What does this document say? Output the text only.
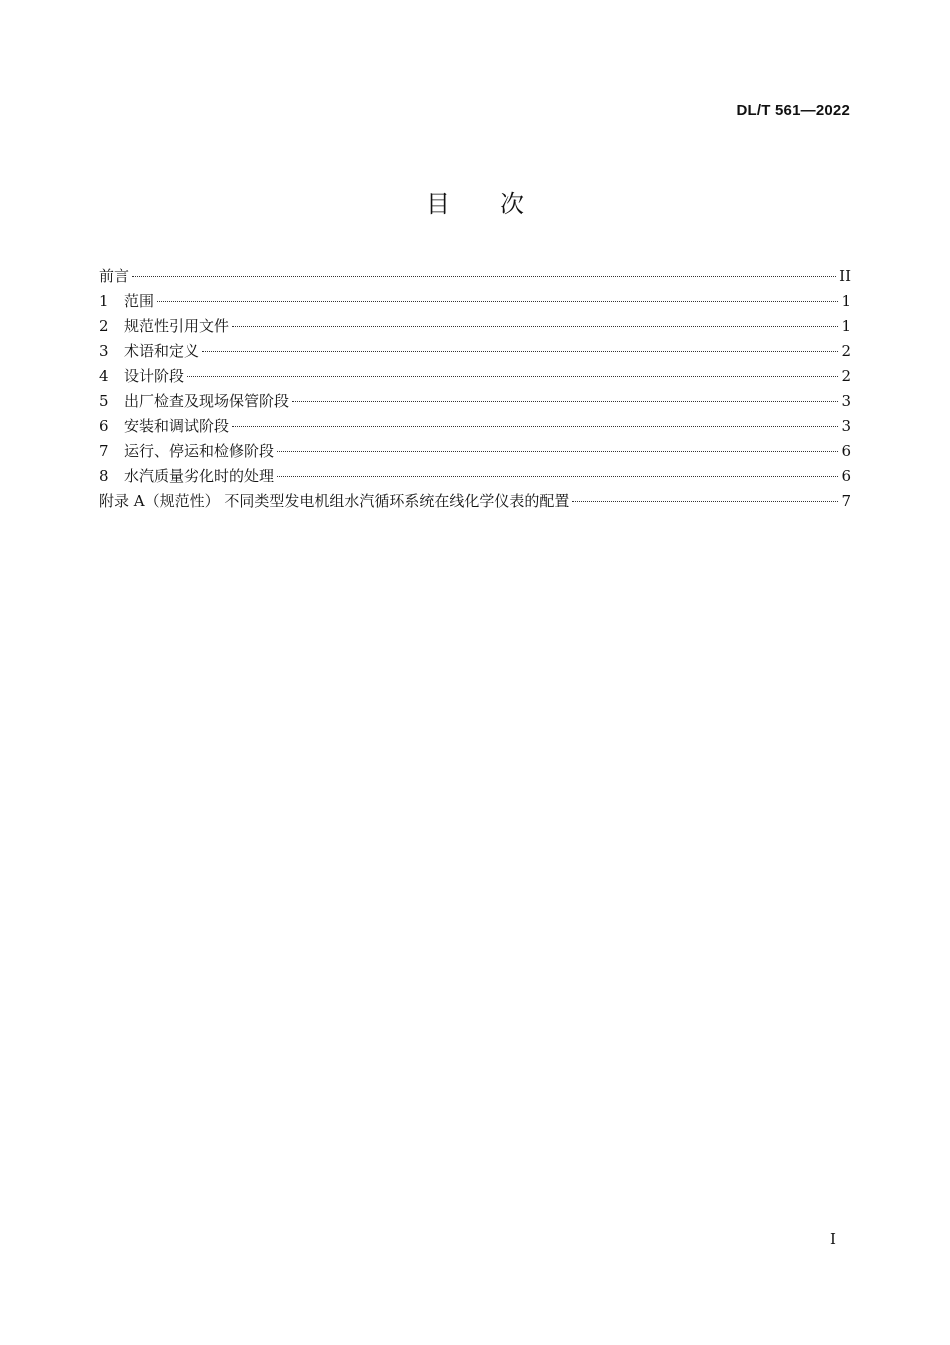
DL/T 561—2022
目次
前言	II
1	范围	1
2	规范性引用文件	1
3	术语和定义	2
4	设计阶段	2
5	出厂检查及现场保管阶段	3
6	安装和调试阶段	3
7	运行、停运和检修阶段	6
8	水汽质量劣化时的处理	6
附录 A（规范性） 不同类型发电机组水汽循环系统在线化学仪表的配置	7
I
